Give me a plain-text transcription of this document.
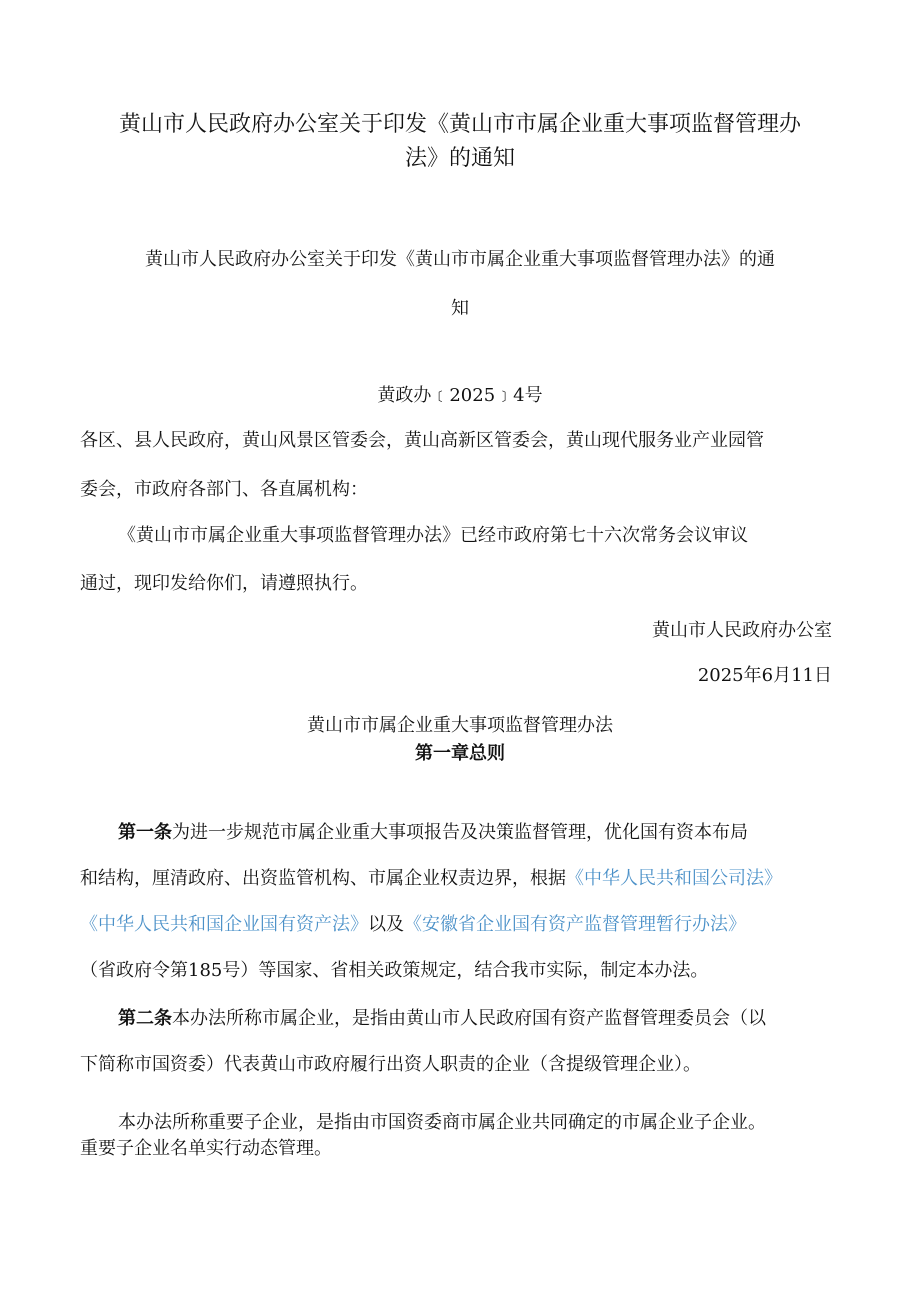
黄山市人民政府办公室关于印发《黄山市市属企业重大事项监督管理办
法》的通知
黄山市人民政府办公室关于印发《黄山市市属企业重大事项监督管理办法》的通
知
黄政办﹝2025﹞4号
各区、县人民政府，黄山风景区管委会，黄山高新区管委会，黄山现代服务业产业园管
委会，市政府各部门、各直属机构：
《黄山市市属企业重大事项监督管理办法》已经市政府第七十六次常务会议审议
通过，现印发给你们，请遵照执行。
黄山市人民政府办公室
2025年6月11日
黄山市市属企业重大事项监督管理办法
第一章总则
第一条为进一步规范市属企业重大事项报告及决策监督管理，优化国有资本布局
和结构，厘清政府、出资监管机构、市属企业权责边界，根据《中华人民共和国公司法》
《中华人民共和国企业国有资产法》以及《安徽省企业国有资产监督管理暂行办法》
（省政府令第185号）等国家、省相关政策规定，结合我市实际，制定本办法。
第二条本办法所称市属企业，是指由黄山市人民政府国有资产监督管理委员会（以
下简称市国资委）代表黄山市政府履行出资人职责的企业（含提级管理企业）。
本办法所称重要子企业，是指由市国资委商市属企业共同确定的市属企业子企业。
重要子企业名单实行动态管理。
